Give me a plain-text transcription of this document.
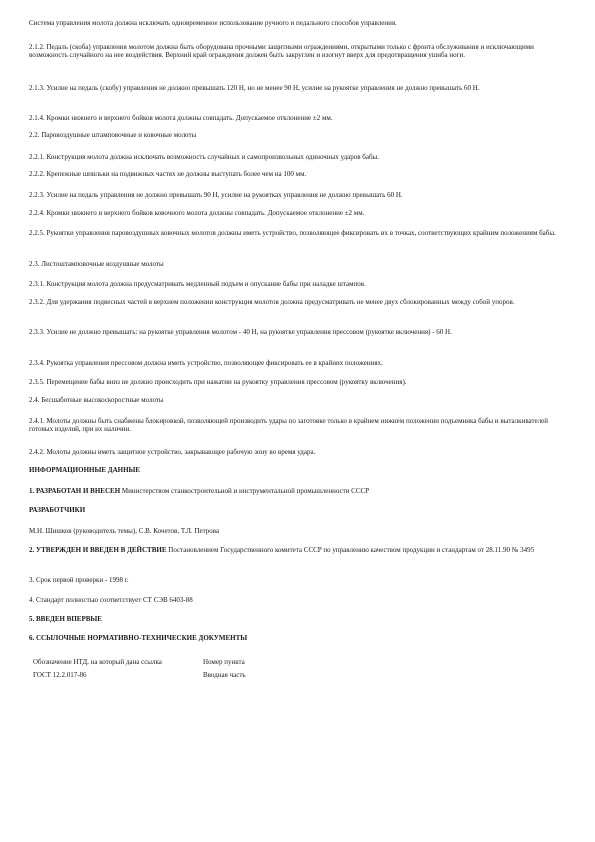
Система управления молота должна исключать одновременное использование ручного и педального способов управления.

2.1.2. Педаль (скоба) управления молотом должна быть оборудована прочными защитными ограждениями, открытыми только с фронта обслуживания и исключающими возможность случайного на нее воздействия. Верхний край ограждения должен быть закруглен и изогнут вверх для предотвращения ушиба ноги.

2.1.3. Усилие на педаль (скобу) управления не должно превышать 120 Н, но не менее 90 Н, усилие на рукоятке управления не должно превышать 60 Н.

2.1.4. Кромки нижнего и верхнего бойков молота должны совпадать. Допускаемое отклонение ±2 мм.

2.2. Паровоздушные штамповочные и ковочные молоты

2.2.1. Конструкция молота должна исключать возможность случайных и самопроизвольных одиночных ударов бабы.

2.2.2. Крепежные шпильки на подвижных частях не должны выступать более чем на 100 мм.

2.2.3. Усилие на педаль управления не должно превышать 90 Н, усилие на рукоятках управления не должно превышать 60 Н.

2.2.4. Кромки нижнего и верхнего бойков ковочного молота должны совпадать. Допускаемое отклонение ±2 мм.

2.2.5. Рукоятки управления паровоздушных ковочных молотов должны иметь устройство, позволяющее фиксировать их в точках, соответствующих крайним положениям бабы.

2.3. Листоштамповочные воздушные молоты

2.3.1. Конструкция молота должна предусматривать медленный подъем и опускание бабы при наладке штампов.

2.3.2. Для удержания подвесных частей в верхнем положении конструкция молотов должна предусматривать не менее двух сблокированных между собой упоров.

2.3.3. Усилие не должно превышать: на рукоятке управления молотом - 40 Н, на рукоятке управления прессовом (рукоятке включения) - 60 Н.

2.3.4. Рукоятка управления прессовом должна иметь устройство, позволяющее фиксировать ее в крайних положениях.

2.3.5. Перемещение бабы вниз не должно происходить при нажатии на рукоятку управления прессовом (рукоятку включения).

2.4. Бесшаботные высокоскоростные молоты

2.4.1. Молоты должны быть снабжены блокировкой, позволяющей производить удары по заготовке только в крайнем нижнем положении подъемника бабы и выталкивателей готовых изделий, при их наличии.

2.4.2. Молоты должны иметь защитное устройство, закрывающее рабочую зону во время удара.

ИНФОРМАЦИОННЫЕ ДАННЫЕ

1. РАЗРАБОТАН И ВНЕСЕН Министерством станкостроительной и инструментальной промышленности СССР

РАЗРАБОТЧИКИ

М.Н. Шишков (руководитель темы), С.В. Кочетов, Т.Л. Петрова

2. УТВЕРЖДЕН И ВВЕДЕН В ДЕЙСТВИЕ Постановлением Государственного комитета СССР по управлению качеством продукции и стандартам от 28.11.90 № 3495

3. Срок первой проверки - 1998 г.

4. Стандарт полностью соответствует СТ СЭВ 6403-88

5. ВВЕДЕН ВПЕРВЫЕ

6. ССЫЛОЧНЫЕ НОРМАТИВНО-ТЕХНИЧЕСКИЕ ДОКУМЕНТЫ

Обозначение НТД, на который дана ссылка	Номер пункта
ГОСТ 12.2.017-86	Вводная часть
